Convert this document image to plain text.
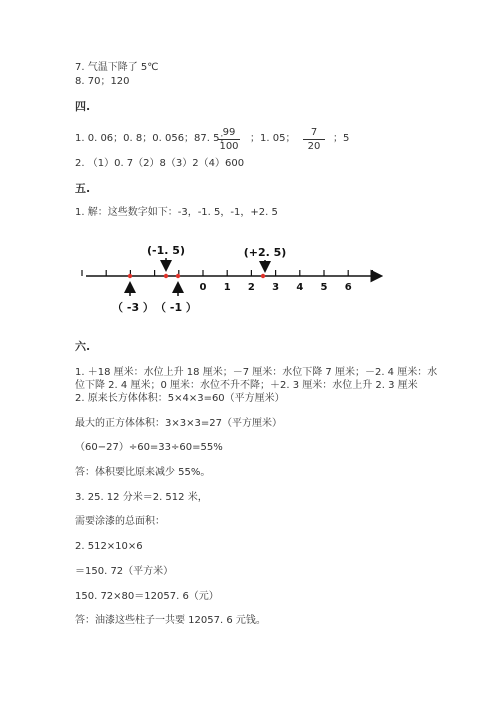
7. 气温下降了 5℃
8. 70；120
四.
1. 0. 06；0. 8；0. 056；87. 5；
99
100
；1. 05；
7
20
；5
2. （1）0. 7（2）8（3）2（4）600
五.
1. 解：这些数字如下：-3，-1. 5，-1，+2. 5
0 1 2 3 4 5 6
(-1. 5)	(+2. 5)
（ -3 ） （ -1 ）
六.
1. ＋18 厘米：水位上升 18 厘米；－7 厘米：水位下降 7 厘米；－2. 4 厘米：水
位下降 2. 4 厘米；0 厘米：水位不升不降；＋2. 3 厘米：水位上升 2. 3 厘米
2. 原来长方体体积：5×4×3=60（平方厘米）
最大的正方体体积：3×3×3=27（平方厘米）
（60−27）÷60=33÷60=55%
答：体积要比原来减少 55%。
3. 25. 12 分米＝2. 512 米，
需要涂漆的总面积：
2. 512×10×6
＝150. 72（平方米）
150. 72×80＝12057. 6（元）
答：油漆这些柱子一共要 12057. 6 元钱。
